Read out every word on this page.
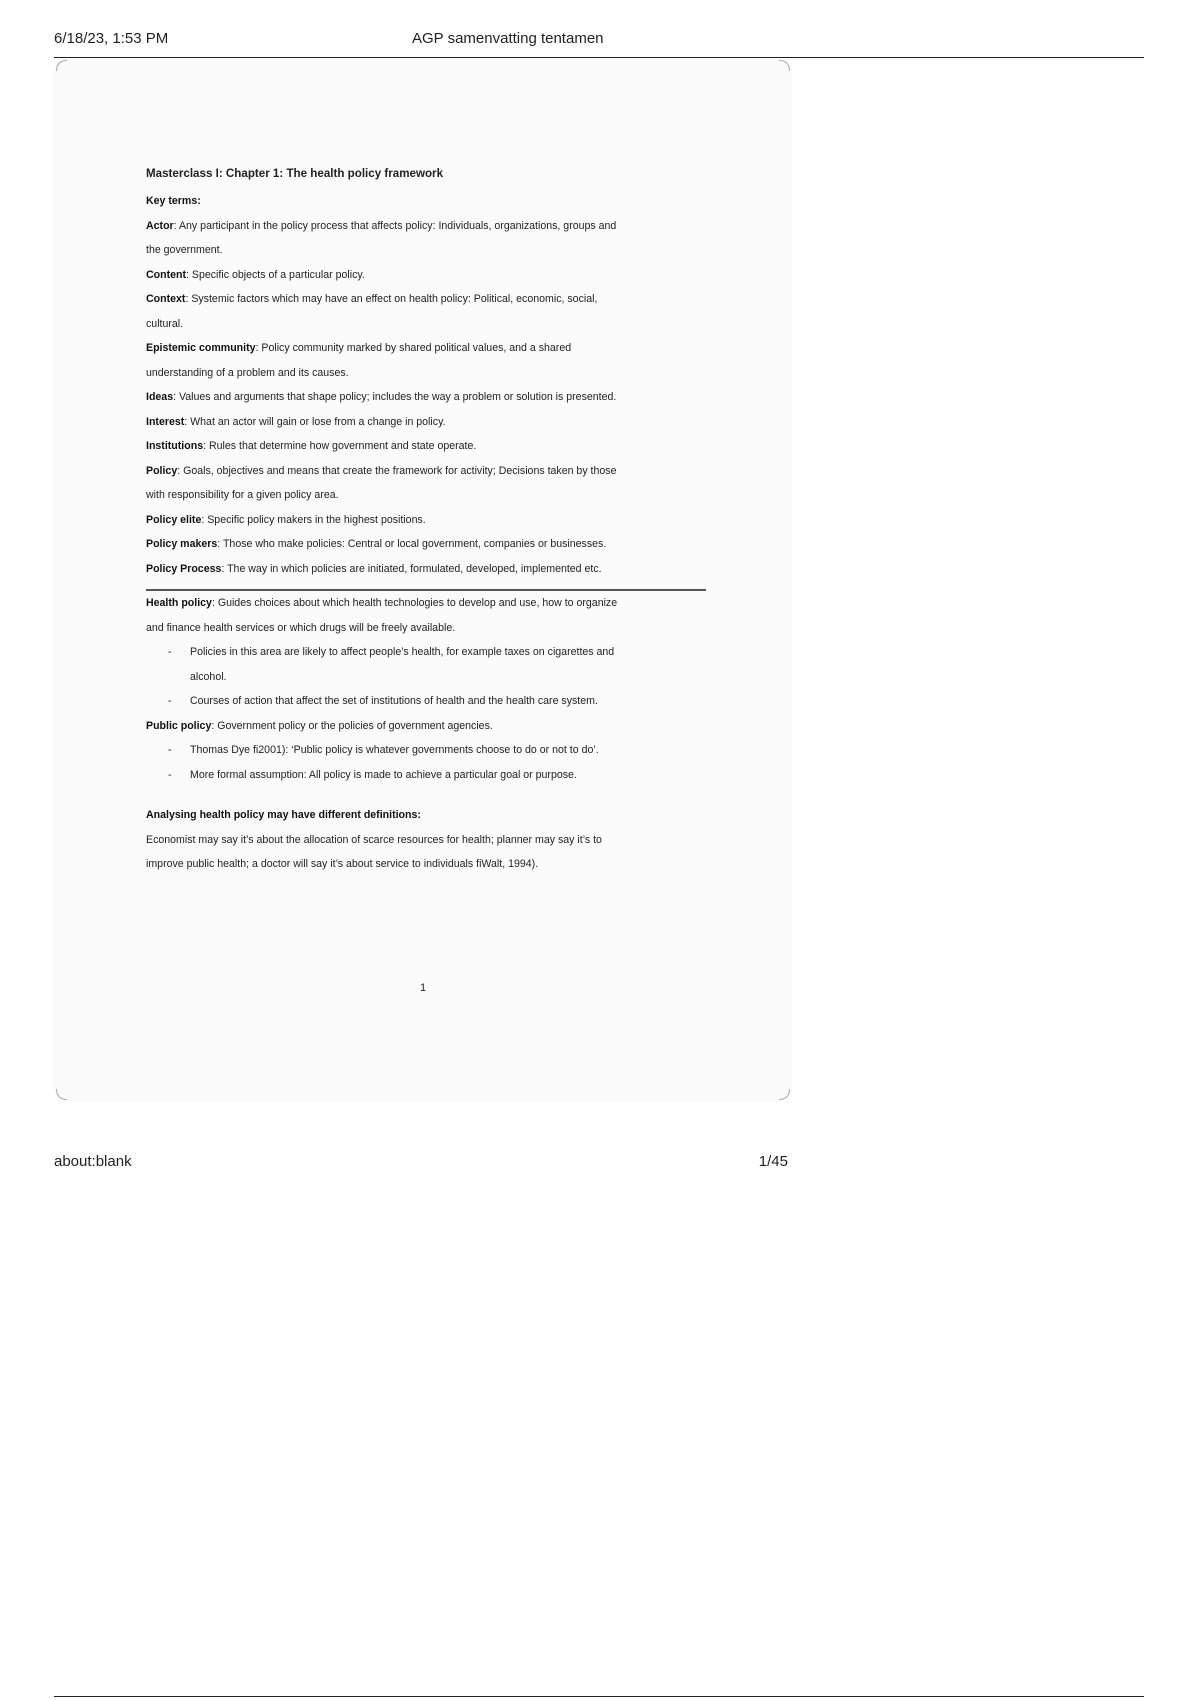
6/18/23, 1:53 PM	AGP samenvatting tentamen
Masterclass I: Chapter 1: The health policy framework
Key terms:
Actor: Any participant in the policy process that affects policy: Individuals, organizations, groups and
the government.
Content: Specific objects of a particular policy.
Context: Systemic factors which may have an effect on health policy: Political, economic, social,
cultural.
Epistemic community: Policy community marked by shared political values, and a shared
understanding of a problem and its causes.
Ideas: Values and arguments that shape policy; includes the way a problem or solution is presented.
Interest: What an actor will gain or lose from a change in policy.
Institutions: Rules that determine how government and state operate.
Policy: Goals, objectives and means that create the framework for activity; Decisions taken by those
with responsibility for a given policy area.
Policy elite: Specific policy makers in the highest positions.
Policy makers: Those who make policies: Central or local government, companies or businesses.
Policy Process: The way in which policies are initiated, formulated, developed, implemented etc.
Health policy: Guides choices about which health technologies to develop and use, how to organize
and finance health services or which drugs will be freely available.
- Policies in this area are likely to affect people’s health, for example taxes on cigarettes and
alcohol.
- Courses of action that affect the set of institutions of health and the health care system.
Public policy: Government policy or the policies of government agencies.
- Thomas Dye fi2001): ‘Public policy is whatever governments choose to do or not to do’.
- More formal assumption: All policy is made to achieve a particular goal or purpose.
Analysing health policy may have different definitions:
Economist may say it’s about the allocation of scarce resources for health; planner may say it’s to
improve public health; a doctor will say it’s about service to individuals fiWalt, 1994).
1
about:blank	1/45
